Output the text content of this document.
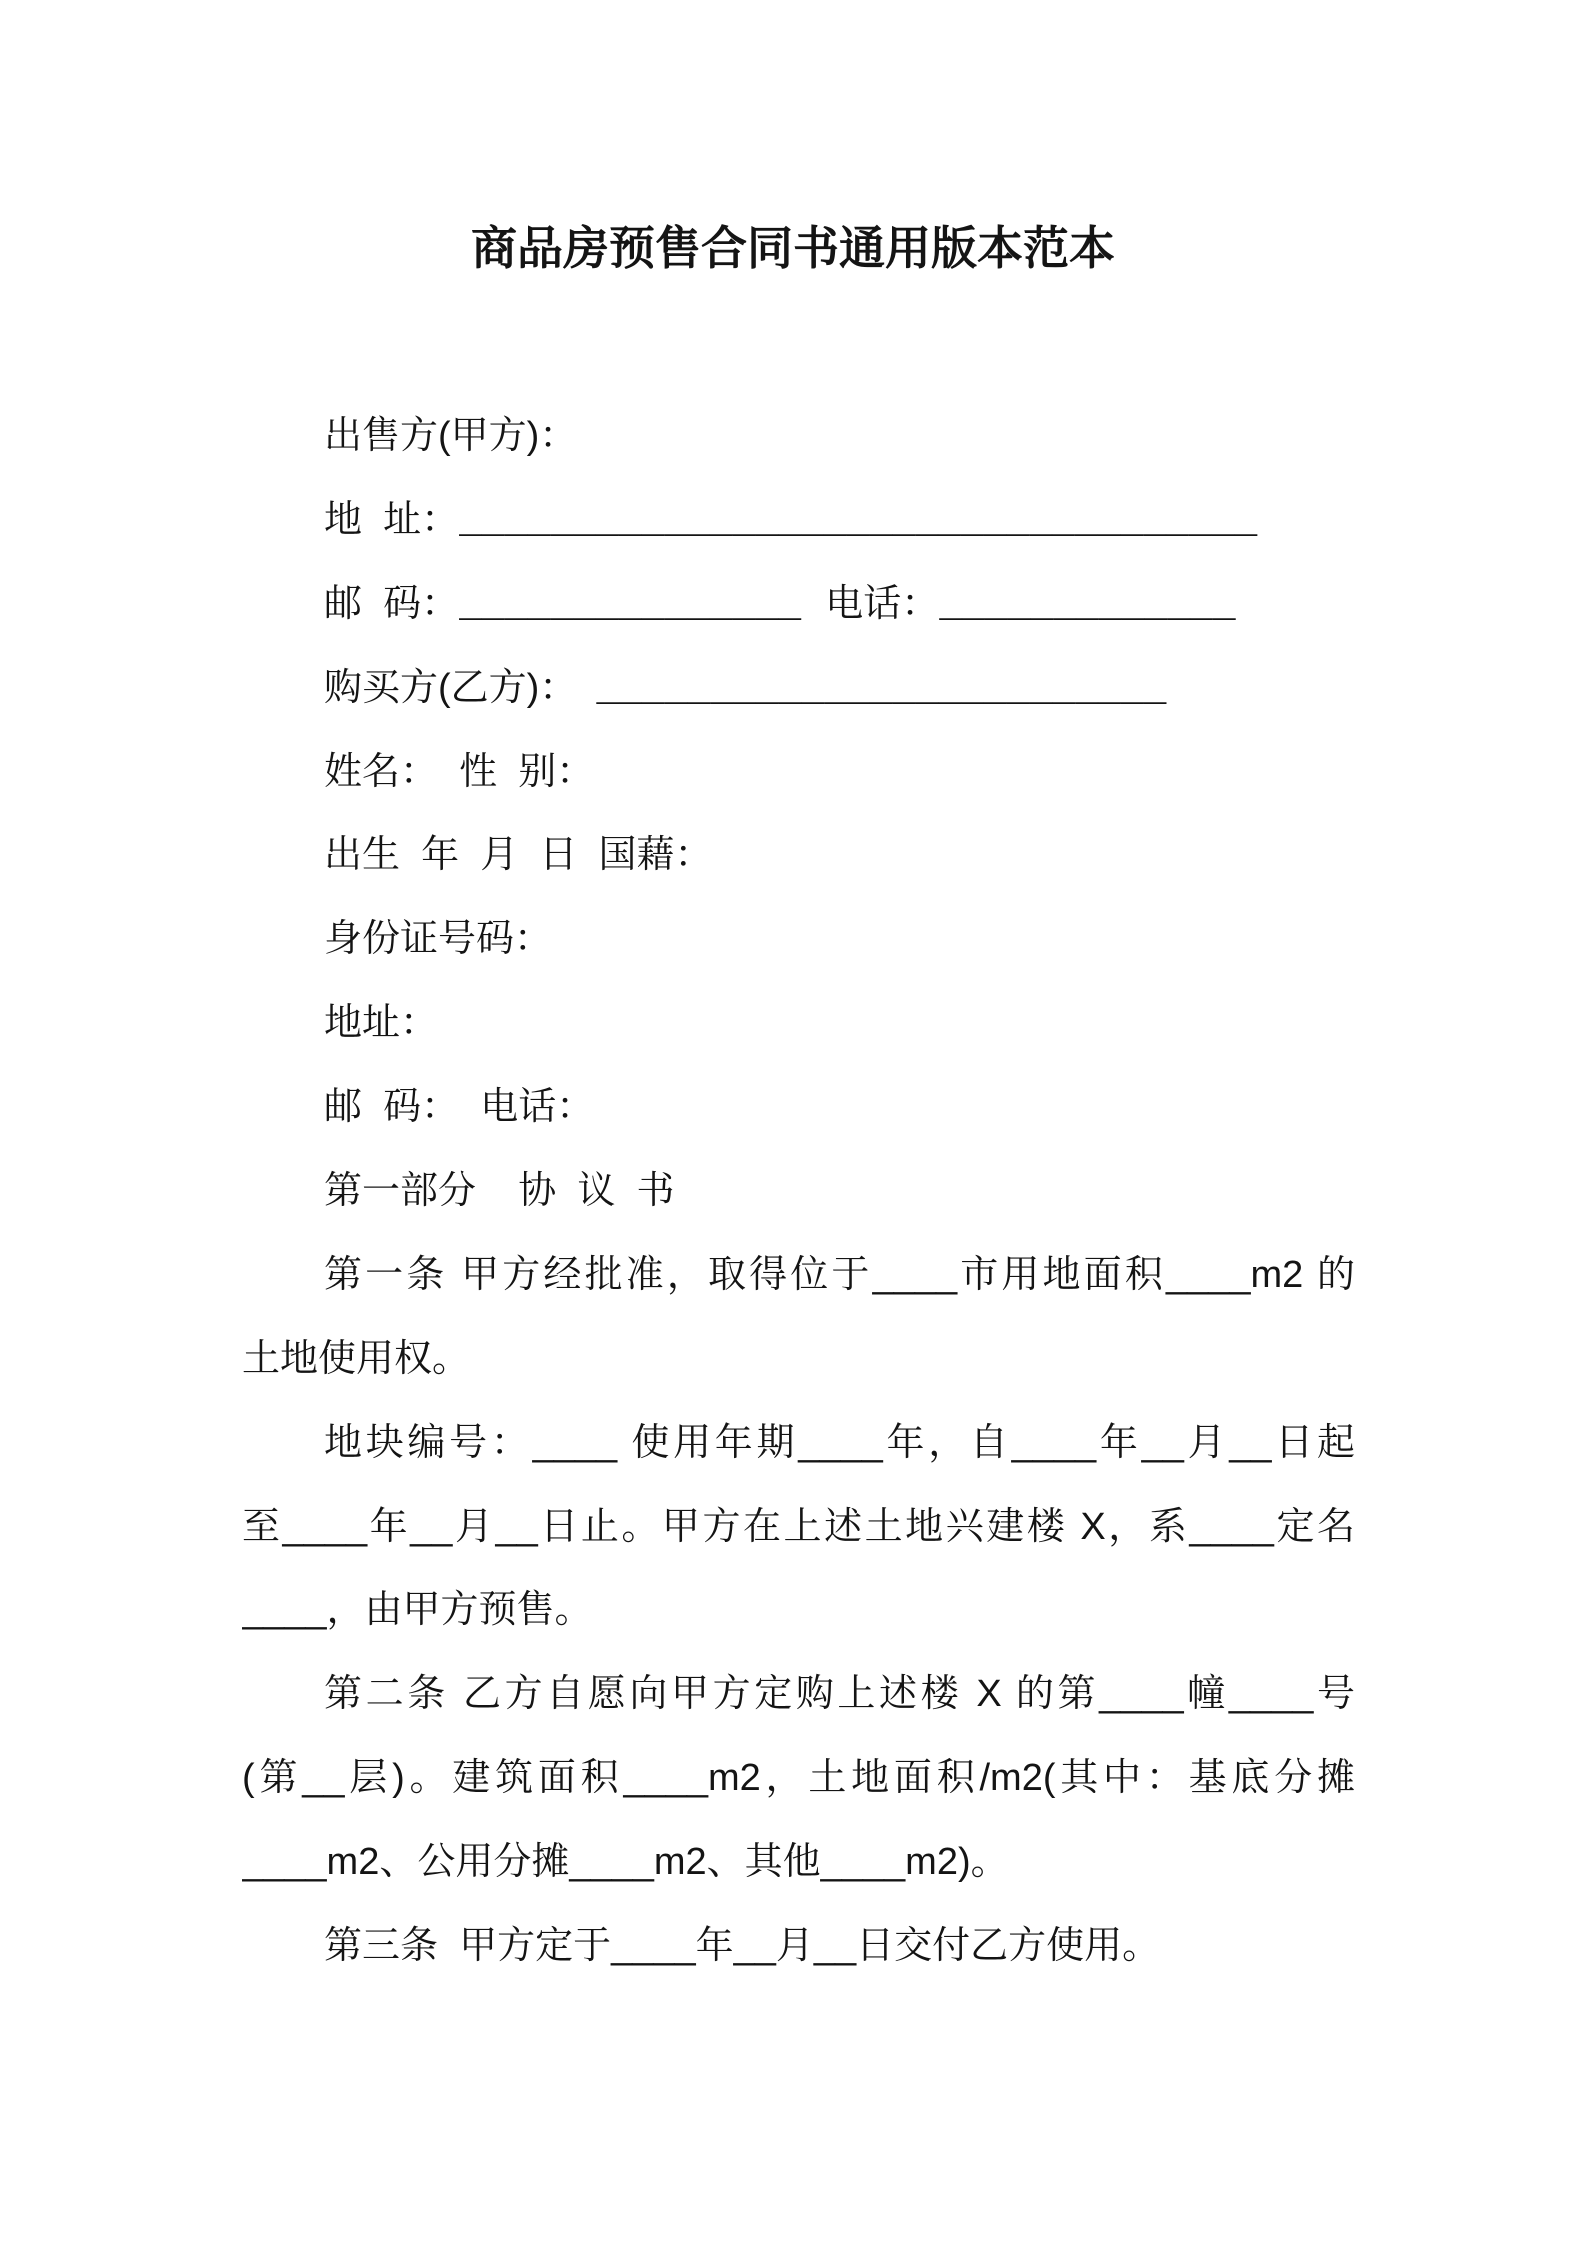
商品房预售合同书通用版本范本
出售方(甲方)：
地  址：___________________________________
邮  码：_______________ 电话：_____________
购买方(乙方)： _________________________
姓名：  性  别：
出生  年  月  日  国藉：
身份证号码：
地址：
邮  码：  电话：
第一部分    协  议  书
第一条 甲方经批准，取得位于____市用地面积____m2 的
土地使用权。
地块编号：____ 使用年期____年，自____年__月__日起
至____年__月__日止。甲方在上述土地兴建楼 X，系____定名
____，由甲方预售。
第二条 乙方自愿向甲方定购上述楼 X 的第____幢____号
(第__层)。建筑面积____m2，土地面积/m2(其中：基底分摊
____m2、公用分摊____m2、其他____m2)。
第三条  甲方定于____年__月__日交付乙方使用。
